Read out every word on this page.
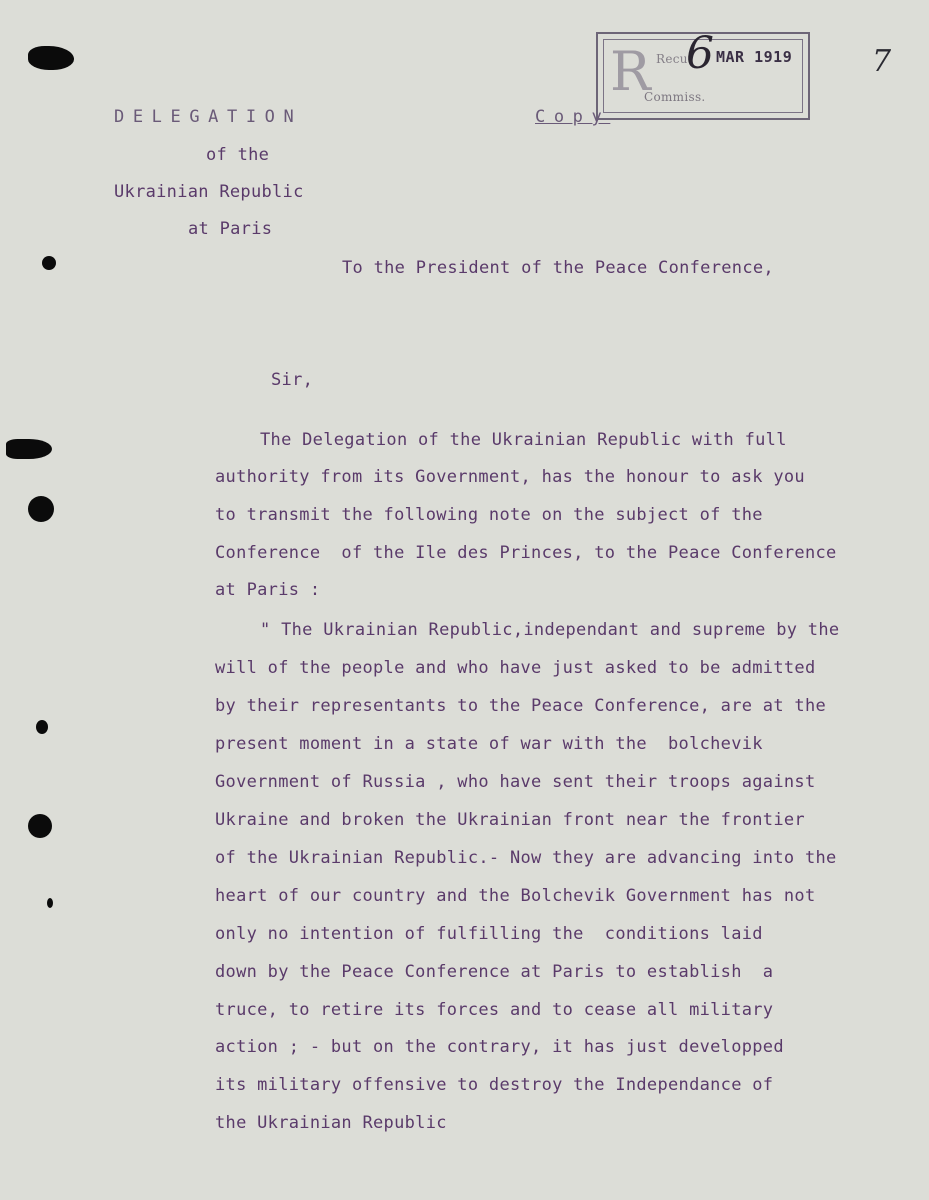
R Recu
6 MAR 1919
Commiss.
7
DELEGATION
of the
Ukrainian Republic
at Paris
Copy
To the President of the Peace Conference,
Sir,
The Delegation of the Ukrainian Republic with full
authority from its Government, has the honour to ask you
to transmit the following note on the subject of the
Conference  of the Ile des Princes, to the Peace Conference
at Paris :
" The Ukrainian Republic,independant and supreme by the
will of the people and who have just asked to be admitted
by their representants to the Peace Conference, are at the
present moment in a state of war with the  bolchevik
Government of Russia , who have sent their troops against
Ukraine and broken the Ukrainian front near the frontier
of the Ukrainian Republic.- Now they are advancing into the
heart of our country and the Bolchevik Government has not
only no intention of fulfilling the  conditions laid
down by the Peace Conference at Paris to establish  a
truce, to retire its forces and to cease all military
action ; - but on the contrary, it has just developped
its military offensive to destroy the Independance of
the Ukrainian Republic
